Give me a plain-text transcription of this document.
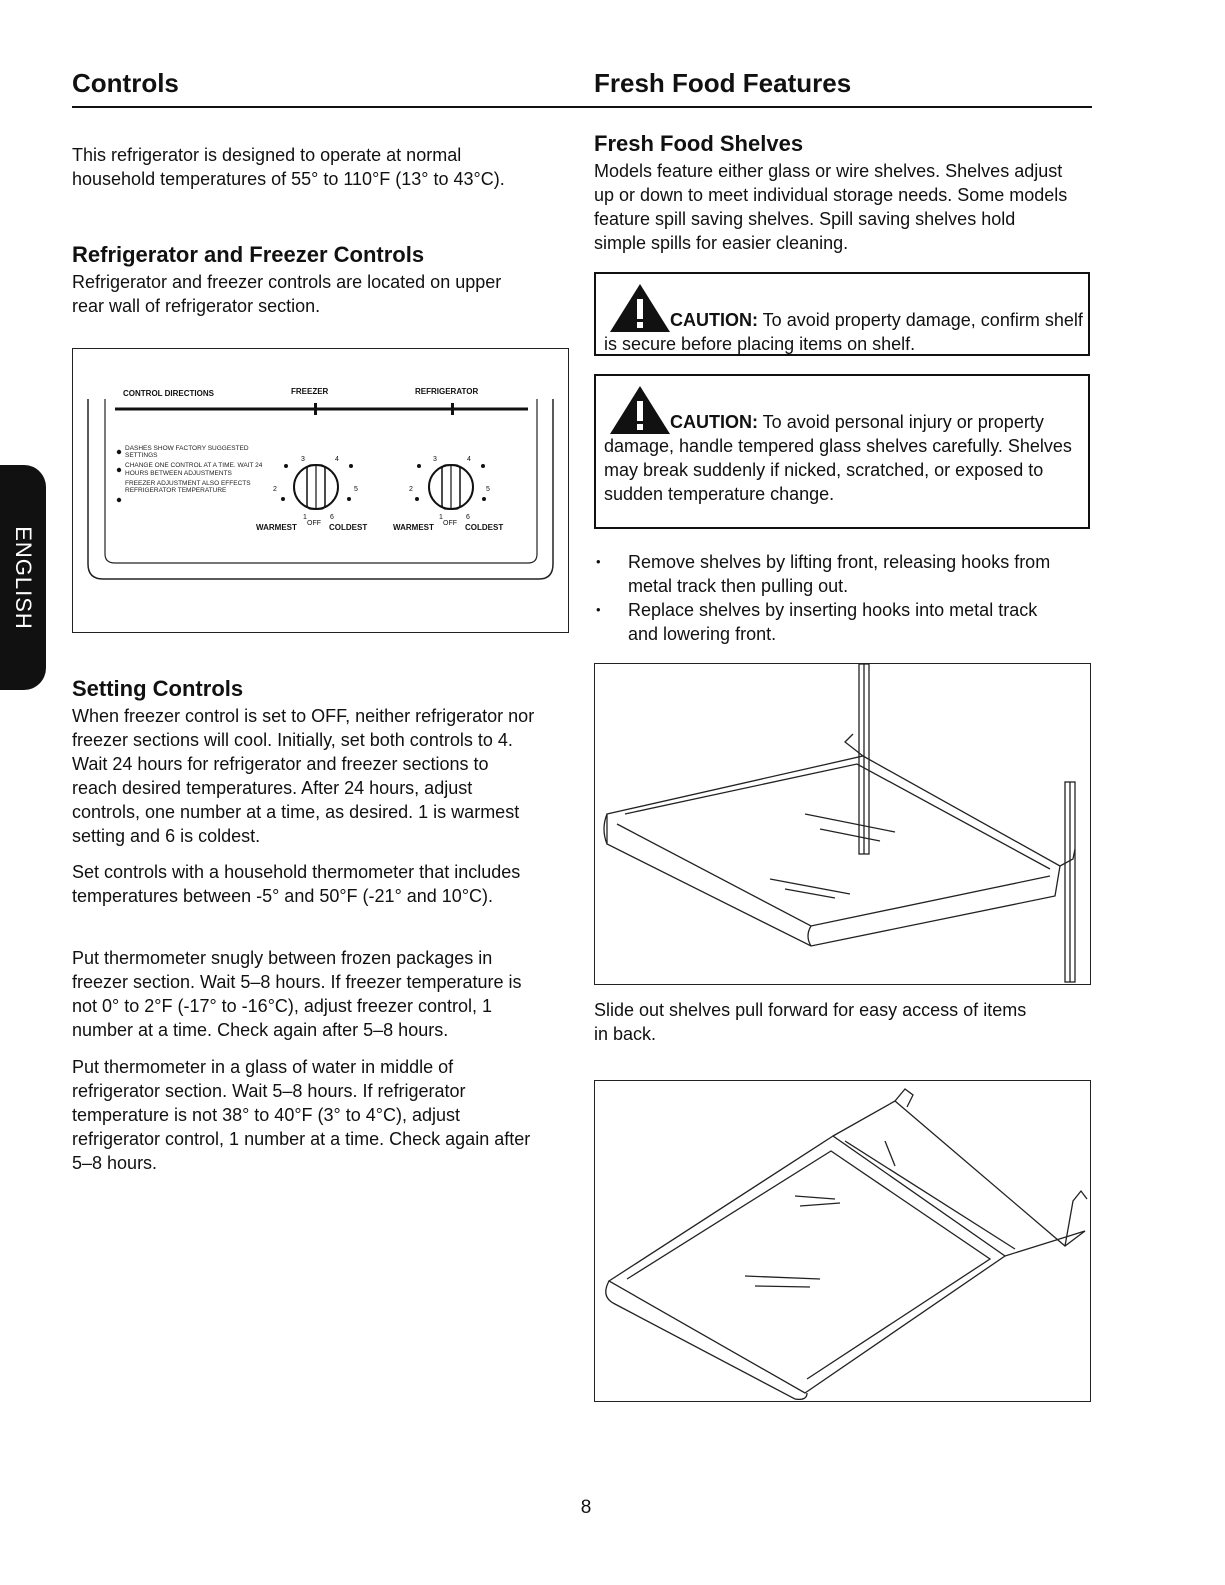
Controls	Fresh Food Features
ENGLISH

This refrigerator is designed to operate at normal household temperatures of 55° to 110°F (13° to 43°C).

Refrigerator and Freezer Controls

Refrigerator and freezer controls are located on upper rear wall of refrigerator section.

CONTROL DIRECTIONS	FREEZER	REFRIGERATOR
DASHES SHOW FACTORY SUGGESTED SETTINGS
CHANGE ONE CONTROL AT A TIME. WAIT 24 HOURS BETWEEN ADJUSTMENTS
FREEZER ADJUSTMENT ALSO EFFECTS REFRIGERATOR TEMPERATURE
3	4
2	5
1	6
WARMEST OFF COLDEST
3	4
2	5
1	6
WARMEST OFF COLDEST
Setting Controls

When freezer control is set to OFF, neither refrigerator nor freezer sections will cool. Initially, set both controls to 4. Wait 24 hours for refrigerator and freezer sections to reach desired temperatures. After 24 hours, adjust controls, one number at a time, as desired. 1 is warmest setting and 6 is coldest.

Set controls with a household thermometer that includes temperatures between -5° and 50°F (-21° and 10°C).

Put thermometer snugly between frozen packages in freezer section. Wait 5–8 hours. If freezer temperature is not 0° to 2°F (-17° to -16°C), adjust freezer control, 1 number at a time. Check again after 5–8 hours.

Put thermometer in a glass of water in middle of refrigerator section. Wait 5–8 hours. If refrigerator temperature is not 38° to 40°F (3° to 4°C), adjust refrigerator control, 1 number at a time. Check again after 5–8 hours.

Fresh Food Shelves

Models feature either glass or wire shelves. Shelves adjust up or down to meet individual storage needs. Some models feature spill saving shelves. Spill saving shelves hold simple spills for easier cleaning.

CAUTION: To avoid property damage, confirm shelf is secure before placing items on shelf.
CAUTION: To avoid personal injury or property damage, handle tempered glass shelves carefully. Shelves may break suddenly if nicked, scratched, or exposed to sudden temperature change.
• Remove shelves by lifting front, releasing hooks from metal track then pulling out.
• Replace shelves by inserting hooks into metal track and lowering front.

Slide out shelves pull forward for easy access of items in back.

8
